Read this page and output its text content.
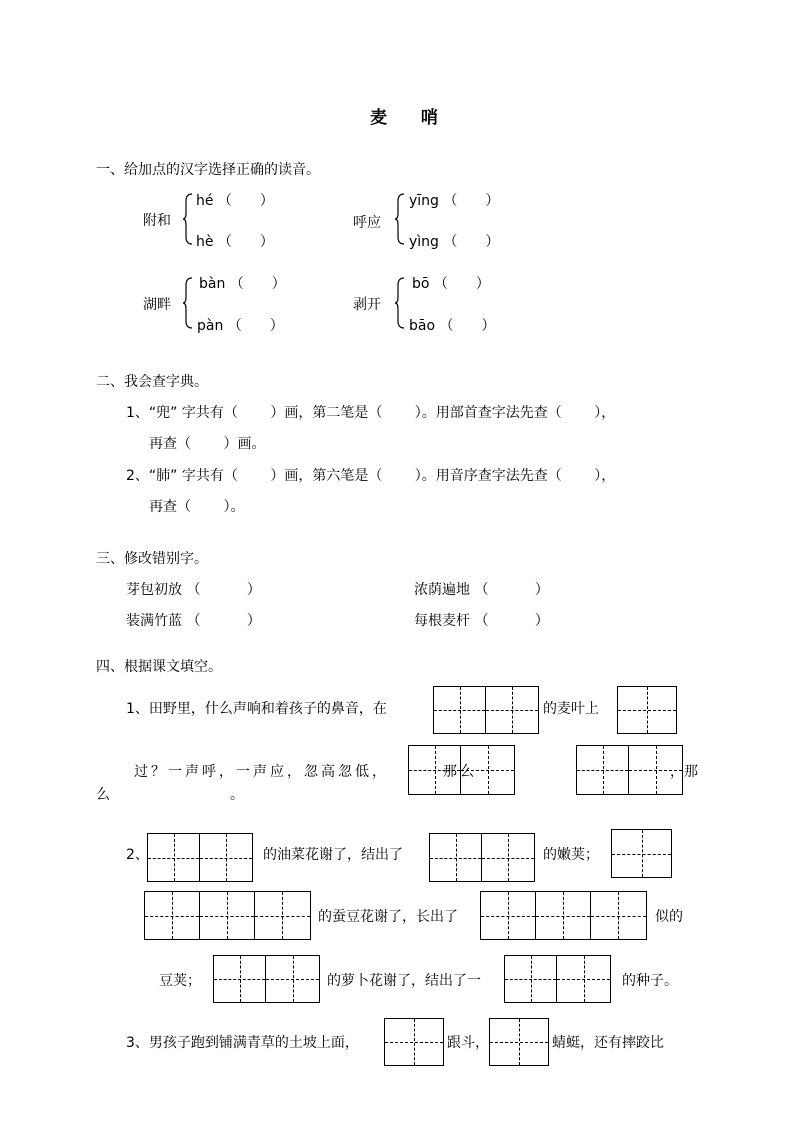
麦 哨
一、给加点的汉字选择正确的读音。
附和
hé （　　）
hè （　　）
呼应
yīng （　　）
yìng （　　）
湖畔
bàn （　　）
pàn （　　）
剥开
bō （　　）
bāo （　　）
二、我会查字典。
1、“兜” 字共有（　　 ）画，第二笔是（　　 ）。用部首查字法先查（　　 ），
再查（　　 ）画。
2、“肺” 字共有（　　 ）画，第六笔是（　　 ）。用音序查字法先查（　　 ），
再查（　　 ）。
三、修改错别字。
芽包初放 （　　　 ）	浓荫遍地 （　　　 ）
装满竹蓝 （　　　 ）	每根麦杆 （　　　 ）
四、根据课文填空。
1、田野里，什么声响和着孩子的鼻音，在	的麦叶上
过？一声呼，一声应，忽高忽低，	那么	，那
么	。
2、	的油菜花谢了，结出了	的嫩荚；
的蚕豆花谢了，长出了	似的
豆荚；	的萝卜花谢了，结出了一	的种子。
3、男孩子跑到铺满青草的土坡上面，	跟斗，	蜻蜓，还有摔跤比
